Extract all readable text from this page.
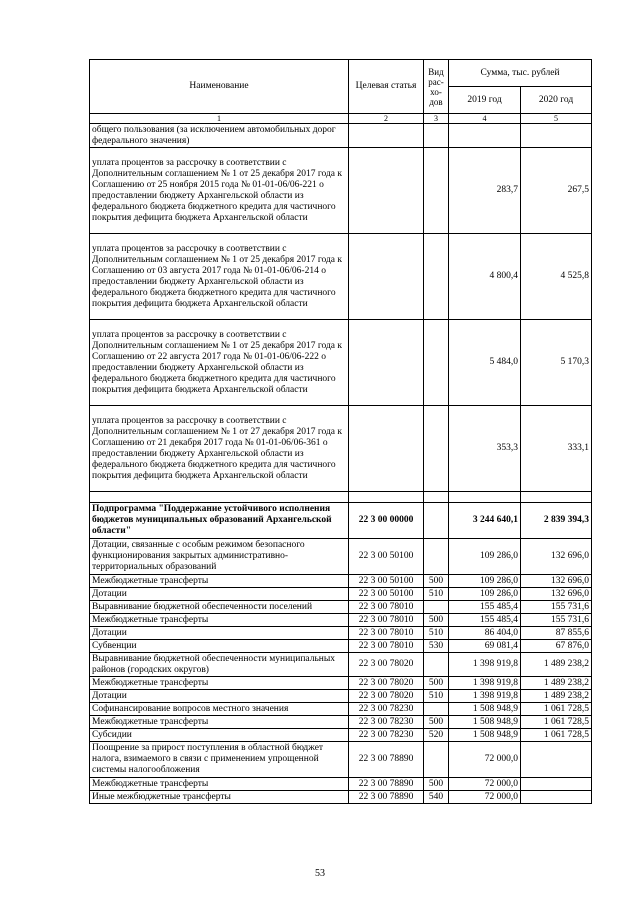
Наименование	Целевая статья	Вид рас-хо-дов	Сумма, тыс. рублей	
			2019 год	2020 год
1	2	3	4	5
общего пользования (за исключением автомобильных дорог федерального значения)				
уплата процентов за рассрочку в соответствии с Дополнительным соглашением № 1 от 25 декабря 2017 года к Соглашению от 25 ноября 2015 года № 01-01-06/06-221 о предоставлении бюджету Архангельской области из федерального бюджета бюджетного кредита для частичного покрытия дефицита бюджета Архангельской области			283,7	267,5
уплата процентов за рассрочку в соответствии с Дополнительным соглашением № 1 от 25 декабря 2017 года к Соглашению от 03 августа 2017 года № 01-01-06/06-214 о предоставлении бюджету Архангельской области из федерального бюджета бюджетного кредита для частичного покрытия дефицита бюджета Архангельской области			4 800,4	4 525,8
уплата процентов за рассрочку в соответствии с Дополнительным соглашением № 1 от 25 декабря 2017 года к Соглашению от 22 августа 2017 года № 01-01-06/06-222 о предоставлении бюджету Архангельской области из федерального бюджета бюджетного кредита для частичного покрытия дефицита бюджета Архангельской области			5 484,0	5 170,3
уплата процентов за рассрочку в соответствии с Дополнительным соглашением № 1 от 27 декабря 2017 года к Соглашению от 21 декабря 2017 года № 01-01-06/06-361 о предоставлении бюджету Архангельской области из федерального бюджета бюджетного кредита для частичного покрытия дефицита бюджета Архангельской области			353,3	333,1

Подпрограмма "Поддержание устойчивого исполнения бюджетов муниципальных образований Архангельской области"	22 3 00 00000		3 244 640,1	2 839 394,3
Дотации, связанные с особым режимом безопасного функционирования закрытых административно-территориальных образований	22 3 00 50100		109 286,0	132 696,0
Межбюджетные трансферты	22 3 00 50100	500	109 286,0	132 696,0
Дотации	22 3 00 50100	510	109 286,0	132 696,0
Выравнивание бюджетной обеспеченности поселений	22 3 00 78010		155 485,4	155 731,6
Межбюджетные трансферты	22 3 00 78010	500	155 485,4	155 731,6
Дотации	22 3 00 78010	510	86 404,0	87 855,6
Субвенции	22 3 00 78010	530	69 081,4	67 876,0
Выравнивание бюджетной обеспеченности муниципальных районов (городских округов)	22 3 00 78020		1 398 919,8	1 489 238,2
Межбюджетные трансферты	22 3 00 78020	500	1 398 919,8	1 489 238,2
Дотации	22 3 00 78020	510	1 398 919,8	1 489 238,2
Софинансирование вопросов местного значения	22 3 00 78230		1 508 948,9	1 061 728,5
Межбюджетные трансферты	22 3 00 78230	500	1 508 948,9	1 061 728,5
Субсидии	22 3 00 78230	520	1 508 948,9	1 061 728,5
Поощрение за прирост поступления в областной бюджет налога, взимаемого в связи с применением упрощенной системы налогообложения	22 3 00 78890		72 000,0	
Межбюджетные трансферты	22 3 00 78890	500	72 000,0	
Иные межбюджетные трансферты	22 3 00 78890	540	72 000,0	
53
